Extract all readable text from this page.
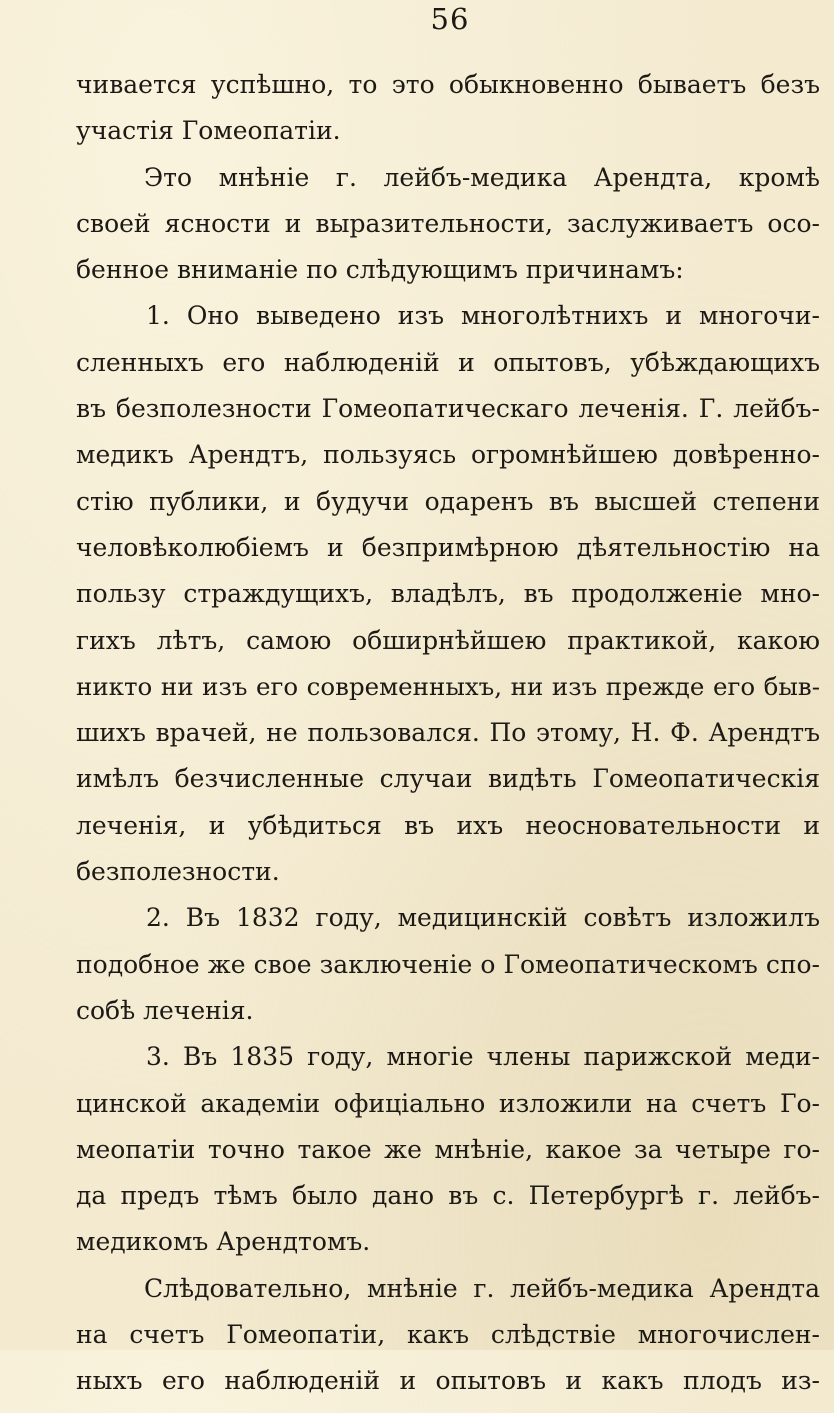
56
чивается успѣшно, то это обыкновенно бываетъ безъ
участія Гомеопатіи.
Это мнѣніе г. лейбъ-медика Арендта, кромѣ
своей ясности и выразительности, заслуживаетъ осо-
бенное вниманіе по слѣдующимъ причинамъ:
1. Оно выведено изъ многолѣтнихъ и многочи-
сленныхъ его наблюденій и опытовъ, убѣждающихъ
въ безполезности Гомеопатическаго леченія. Г. лейбъ-
медикъ Арендтъ, пользуясь огромнѣйшею довѣренно-
стію публики, и будучи одаренъ въ высшей степени
человѣколюбіемъ и безпримѣрною дѣятельностію на
пользу страждущихъ, владѣлъ, въ продолженіе мно-
гихъ лѣтъ, самою обширнѣйшею практикой, какою
никто ни изъ его современныхъ, ни изъ прежде его быв-
шихъ врачей, не пользовался. По этому, Н. Ф. Арендтъ
имѣлъ безчисленные случаи видѣть Гомеопатическія
леченія, и убѣдиться въ ихъ неосновательности и
безполезности.
2. Въ 1832 году, медицинскій совѣтъ изложилъ
подобное же свое заключеніе о Гомеопатическомъ спо-
собѣ леченія.
3. Въ 1835 году, многіе члены парижской меди-
цинской академіи офиціально изложили на счетъ Го-
меопатіи точно такое же мнѣніе, какое за четыре го-
да предъ тѣмъ было дано въ с. Петербургѣ г. лейбъ-
медикомъ Арендтомъ.
Слѣдовательно, мнѣніе г. лейбъ-медика Арендта
на счетъ Гомеопатіи, какъ слѣдствіе многочислен-
ныхъ его наблюденій и опытовъ и какъ плодъ из-
